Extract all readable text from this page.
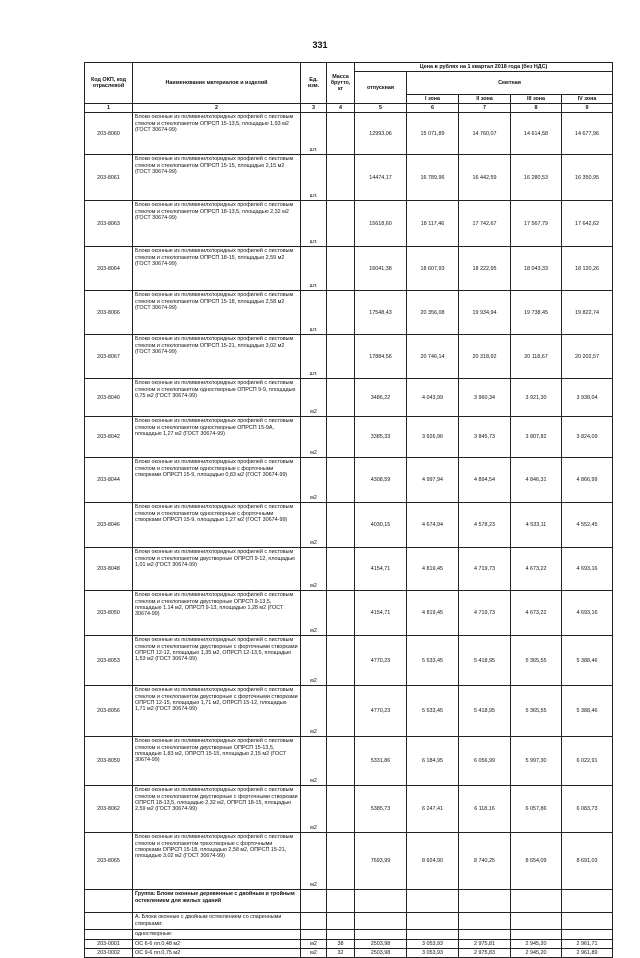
331
Код ОКП, код отраслевой	Наименование материалов и изделий	Ед. изм.	Масса брутто, кг	Цена в рублях на 1 квартал 2018 года (без НДС)				
				отпускная	Сметная			
					I зона	II зона	III зона	IV зона
1	2	3	4	5	6	7	8	9
203-8060	Блоки оконные из поливинилхлоридных профилей с листовым стеклом и стеклопакетом ОПРСП 15-13,5, площадью 1,93 м2 (ГОСТ 30674-99)	шт.		12993,06	15 071,89	14 760,07	14 614,58	14 677,96
203-8061	Блоки оконные из поливинилхлоридных профилей с листовым стеклом и стеклопакетом ОПРСП 15-15, площадью 2,15 м2 (ГОСТ 30674-99)	шт.		14474,17	16 789,96	16 442,59	16 280,53	16 350,95
203-8063	Блоки оконные из поливинилхлоридных профилей с листовым стеклом и стеклопакетом ОПРСП 18-13,5, площадью 2,32 м2 (ГОСТ 30674-99)	шт.		15618,60	18 117,46	17 742,67	17 567,79	17 642,62
203-8064	Блоки оконные из поливинилхлоридных профилей с листовым стеклом и стеклопакетом ОПРСП 18-15, площадью 2,59 м2 (ГОСТ 30674-99)	шт.		16041,38	18 607,93	18 222,95	18 043,33	18 120,26
203-8066	Блоки оконные из поливинилхлоридных профилей с листовым стеклом и стеклопакетом ОПРСП 15-18, площадью 2,58 м2 (ГОСТ 30674-99)	шт.		17548,43	20 356,08	19 934,94	19 738,45	19 822,74
203-8067	Блоки оконные из поливинилхлоридных профилей с листовым стеклом и стеклопакетом ОПРСП 15-21, площадью 3,02 м2 (ГОСТ 30674-99)	шт.		17884,56	20 746,14	20 318,92	20 118,67	20 202,57
203-8040	Блоки оконные из поливинилхлоридных профилей с листовым стеклом и стеклопакетом одностворные ОПРСП 9-9, площадью 0,75 м2 (ГОСТ 30674-99)	м2		3486,22	4 043,99	3 960,34	3 921,30	3 938,04
203-8042	Блоки оконные из поливинилхлоридных профилей с листовым стеклом и стеклопакетом одностворные ОПРСП 15-9А, площадью 1,27 м2 (ГОСТ 30674-99)	м2		3385,33	3 926,96	3 845,73	3 807,82	3 824,09
203-8044	Блоки оконные из поливинилхлоридных профилей с листовым стеклом и стеклопакетом одностворные с форточными створками ОПРСП 15-9, площадью 0,83 м2 (ГОСТ 30674-99)	м2		4308,59	4 997,94	4 894,54	4 846,31	4 866,99
203-8046	Блоки оконные из поливинилхлоридных профилей с листовым стеклом и стеклопакетом одностворные с форточными створками ОПРСП 15-9, площадью 1,27 м2 (ГОСТ 30674-99)	м2		4030,15	4 674,94	4 578,23	4 533,11	4 552,45
203-8048	Блоки оконные из поливинилхлоридных профилей с листовым стеклом и стеклопакетом двустворные ОПРСП 9-12, площадью 1,01 м2 (ГОСТ 30674-99)	м2		4154,71	4 819,45	4 719,73	4 673,22	4 693,16
203-8050	Блоки оконные из поливинилхлоридных профилей с листовым стеклом и стеклопакетом двустворные ОПРСП 9-13,5, площадью 1,14 м2, ОПРСП 9-13, площадью 1,28 м2 (ГОСТ 30674-99)	м2		4154,71	4 819,45	4 719,73	4 673,22	4 693,16
203-8053	Блоки оконные из поливинилхлоридных профилей с листовым стеклом и стеклопакетом двустворные с форточными створками ОПРСП 12-12, площадью 1,35 м2, ОПРСП 12-13,5, площадью 1,53 м2 (ГОСТ 30674-99)	м2		4770,23	5 533,45	5 418,95	5 365,55	5 388,46
203-8056	Блоки оконные из поливинилхлоридных профилей с листовым стеклом и стеклопакетом двустворные с форточными створками ОПРСП 12-15, площадью 1,71 м2, ОПРСП 15-12, площадью 1,71 м2 (ГОСТ 30674-99)	м2		4770,23	5 533,45	5 418,95	5 365,55	5 388,46
203-8059	Блоки оконные из поливинилхлоридных профилей с листовым стеклом и стеклопакетом двустворные ОПРСП 15-13,5, площадью 1,83 м2, ОПРСП 15-15, площадью 2,15 м2 (ГОСТ 30674-99)	м2		5331,86	6 184,95	6 056,99	5 997,30	6 022,91
203-8062	Блоки оконные из поливинилхлоридных профилей с листовым стеклом и стеклопакетом двустворные с форточными створками ОПРСП 18-13,5, площадью 2,32 м2, ОПРСП 18-15, площадью 2,59 м2 (ГОСТ 30674-99)	м2		5385,73	6 247,41	6 118,16	6 057,86	6 083,73
203-8065	Блоки оконные из поливинилхлоридных профилей с листовым стеклом и стеклопакетом трехстворные с форточными створками ОПРСП 15-18, площадью 2,58 м2, ОПРСП 15-21, площадью 3,02 м2 (ГОСТ 30674-99)	м2		7693,99	8 924,90	8 740,25	8 654,09	8 691,03
	Группа: Блоки оконные деревянные с двойным и тройным остеклением для жилых зданий							
	А. Блоки оконные с двойным остеклением со спаренными створками:							
	одностворные:							
203-0001	ОС 6-6 пл.0,48 м2	м2	38	2503,98	3 053,93	2 975,81	2 945,20	2 961,71
203-0002	ОС 9-6 пл.0,75 м2	м2	32	2503,98	3 053,93	2 975,83	2 945,20	2 961,89
